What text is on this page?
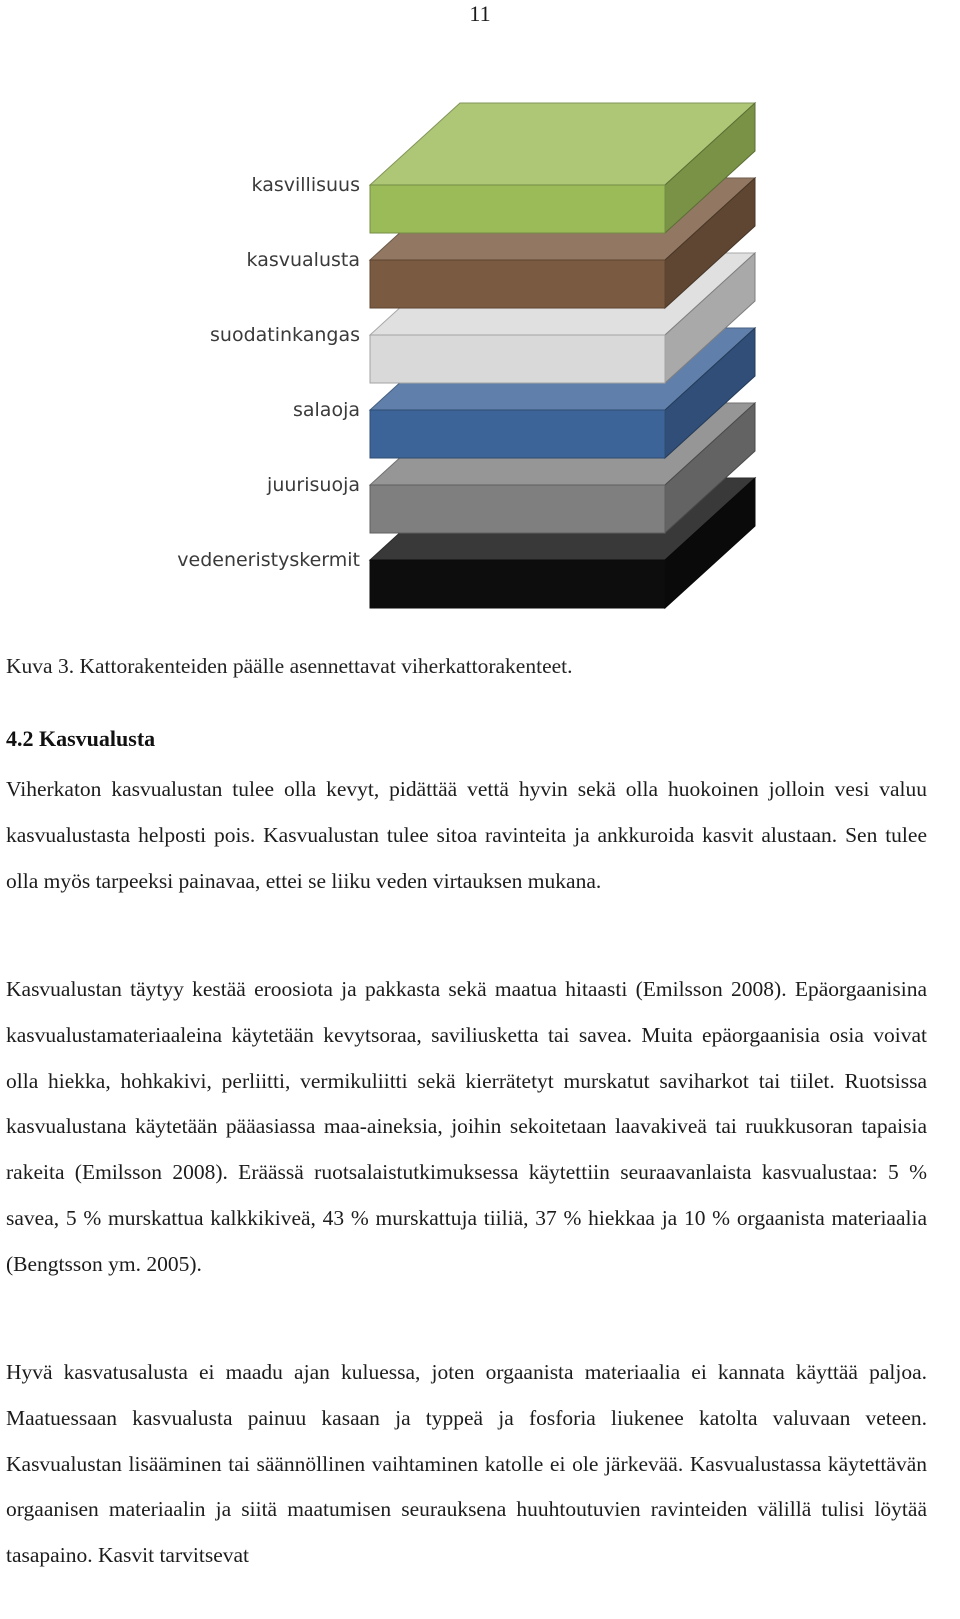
11
vedeneristyskermit
juurisuoja
salaoja
suodatinkangas
kasvualusta
kasvillisuus
Kuva 3. Kattorakenteiden päälle asennettavat viherkattorakenteet.
4.2 Kasvualusta

Viherkaton kasvualustan tulee olla kevyt, pidättää vettä hyvin sekä olla huokoinen jolloin vesi valuu kasvualustasta helposti pois. Kasvualustan tulee sitoa ravinteita ja ankkuroida kasvit alustaan. Sen tulee olla myös tarpeeksi painavaa, ettei se liiku veden virtauksen mukana.

Kasvualustan täytyy kestää eroosiota ja pakkasta sekä maatua hitaasti (Emilsson 2008). Epäorgaanisina kasvualustamateriaaleina käytetään kevytsoraa, saviliusketta tai savea. Muita epäorgaanisia osia voivat olla hiekka, hohkakivi, perliitti, vermikuliitti sekä kierrätetyt murskatut saviharkot tai tiilet. Ruotsissa kasvualustana käytetään pääasiassa maa-aineksia, joihin sekoitetaan laavakiveä tai ruukkusoran tapaisia rakeita (Emilsson 2008). Eräässä ruotsalaistutkimuksessa käytettiin seuraavanlaista kasvualustaa: 5 % savea, 5 % murskattua kalkkikiveä, 43 % murskattuja tiiliä, 37 % hiekkaa ja 10 % orgaanista materiaalia (Bengtsson ym. 2005).

Hyvä kasvatusalusta ei maadu ajan kuluessa, joten orgaanista materiaalia ei kannata käyttää paljoa. Maatuessaan kasvualusta painuu kasaan ja typpeä ja fosforia liukenee katolta valuvaan veteen. Kasvualustan lisääminen tai säännöllinen vaihtaminen katolle ei ole järkevää. Kasvualustassa käytettävän orgaanisen materiaalin ja siitä maatumisen seurauksena huuhtoutuvien ravinteiden välillä tulisi löytää tasapaino. Kasvit tarvitsevat
